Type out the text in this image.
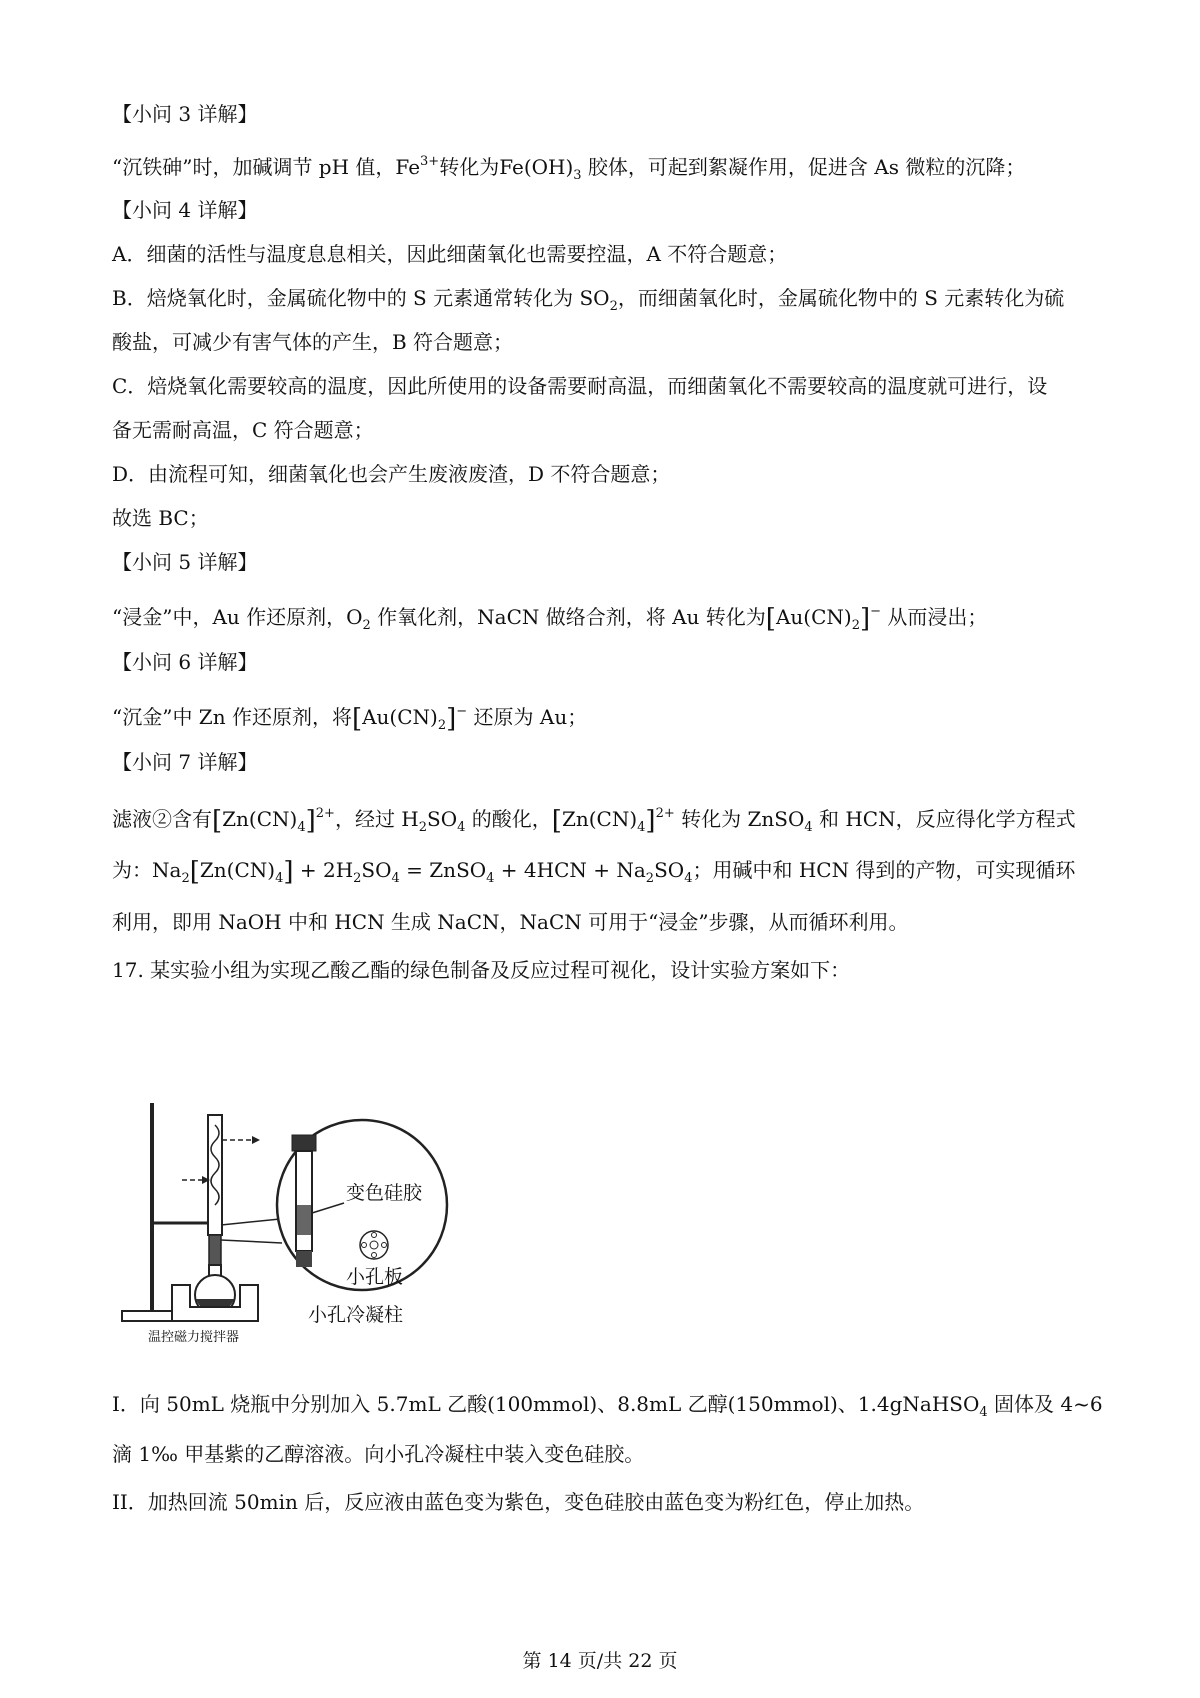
【小问 3 详解】
“沉铁砷”时，加碱调节 pH 值，$Fe^{3+}$转化为$Fe(OH)_3$ 胶体，可起到絮凝作用，促进含 As 微粒的沉降；
【小问 4 详解】
A．细菌的活性与温度息息相关，因此细菌氧化也需要控温，A 不符合题意；
B．焙烧氧化时，金属硫化物中的 S 元素通常转化为 $SO_2$，而细菌氧化时，金属硫化物中的 S 元素转化为硫
酸盐，可减少有害气体的产生，B 符合题意；
C．焙烧氧化需要较高的温度，因此所使用的设备需要耐高温，而细菌氧化不需要较高的温度就可进行，设
备无需耐高温，C 符合题意；
D．由流程可知，细菌氧化也会产生废液废渣，D 不符合题意；
故选 BC；
【小问 5 详解】
“浸金”中，Au 作还原剂，$O_2$ 作氧化剂，NaCN 做络合剂，将 Au 转化为$[Au(CN)_2]^-$ 从而浸出；
【小问 6 详解】
“沉金”中 Zn 作还原剂，将$[Au(CN)_2]^-$ 还原为 Au；
【小问 7 详解】
滤液②含有$[Zn(CN)_4]^{2+}$，经过 $H_2SO_4$ 的酸化，$[Zn(CN)_4]^{2+}$ 转化为 ZnSO$_4$ 和 HCN，反应得化学方程式
为：$Na_2[Zn(CN)_4] + 2H_2SO_4$ = ZnSO$_4$ + $4HCN + Na_2SO_4$；用碱中和 HCN 得到的产物，可实现循环
利用，即用 NaOH 中和 HCN 生成 NaCN，NaCN 可用于“浸金”步骤，从而循环利用。
17. 某实验小组为实现乙酸乙酯的绿色制备及反应过程可视化，设计实验方案如下：
变色硅胶
小孔板
小孔冷凝柱
温控磁力搅拌器
I．向 50mL 烧瓶中分别加入 5.7mL 乙酸(100mmol)、8.8mL 乙醇(150mmol)、1.4gNaHSO$_4$ 固体及 4~6
滴 1‰ 甲基紫的乙醇溶液。向小孔冷凝柱中装入变色硅胶。
II．加热回流 50min 后，反应液由蓝色变为紫色，变色硅胶由蓝色变为粉红色，停止加热。
第 14 页/共 22 页
